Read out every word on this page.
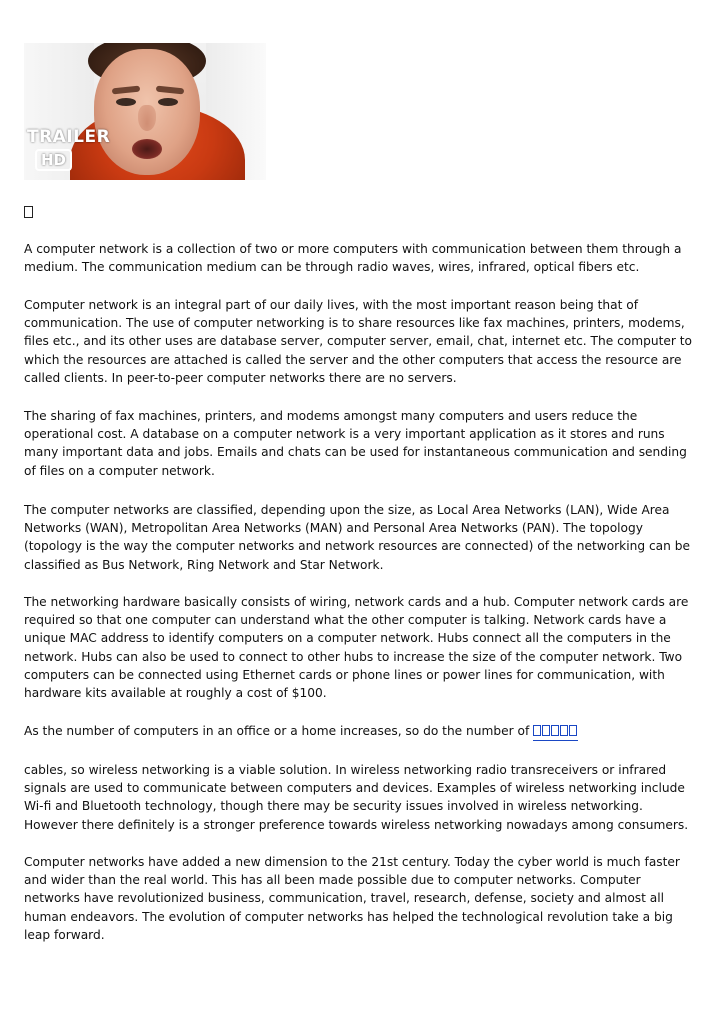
TRAILER
HD

A computer network is a collection of two or more computers with communication between them through a medium. The communication medium can be through radio waves, wires, infrared, optical fibers etc.

Computer network is an integral part of our daily lives, with the most important reason being that of communication. The use of computer networking is to share resources like fax machines, printers, modems, files etc., and its other uses are database server, computer server, email, chat, internet etc. The computer to which the resources are attached is called the server and the other computers that access the resource are called clients. In peer-to-peer computer networks there are no servers.

The sharing of fax machines, printers, and modems amongst many computers and users reduce the operational cost. A database on a computer network is a very important application as it stores and runs many important data and jobs. Emails and chats can be used for instantaneous communication and sending of files on a computer network.

The computer networks are classified, depending upon the size, as Local Area Networks (LAN), Wide Area Networks (WAN), Metropolitan Area Networks (MAN) and Personal Area Networks (PAN). The topology (topology is the way the computer networks and network resources are connected) of the networking can be classified as Bus Network, Ring Network and Star Network.

The networking hardware basically consists of wiring, network cards and a hub. Computer network cards are required so that one computer can understand what the other computer is talking. Network cards have a unique MAC address to identify computers on a computer network. Hubs connect all the computers in the network. Hubs can also be used to connect to other hubs to increase the size of the computer network. Two computers can be connected using Ethernet cards or phone lines or power lines for communication, with hardware kits available at roughly a cost of $100.

As the number of computers in an office or a home increases, so do the number of

cables, so wireless networking is a viable solution. In wireless networking radio transreceivers or infrared signals are used to communicate between computers and devices. Examples of wireless networking include Wi-fi and Bluetooth technology, though there may be security issues involved in wireless networking. However there definitely is a stronger preference towards wireless networking nowadays among consumers.

Computer networks have added a new dimension to the 21st century. Today the cyber world is much faster and wider than the real world. This has all been made possible due to computer networks. Computer networks have revolutionized business, communication, travel, research, defense, society and almost all human endeavors. The evolution of computer networks has helped the technological revolution take a big leap forward.
